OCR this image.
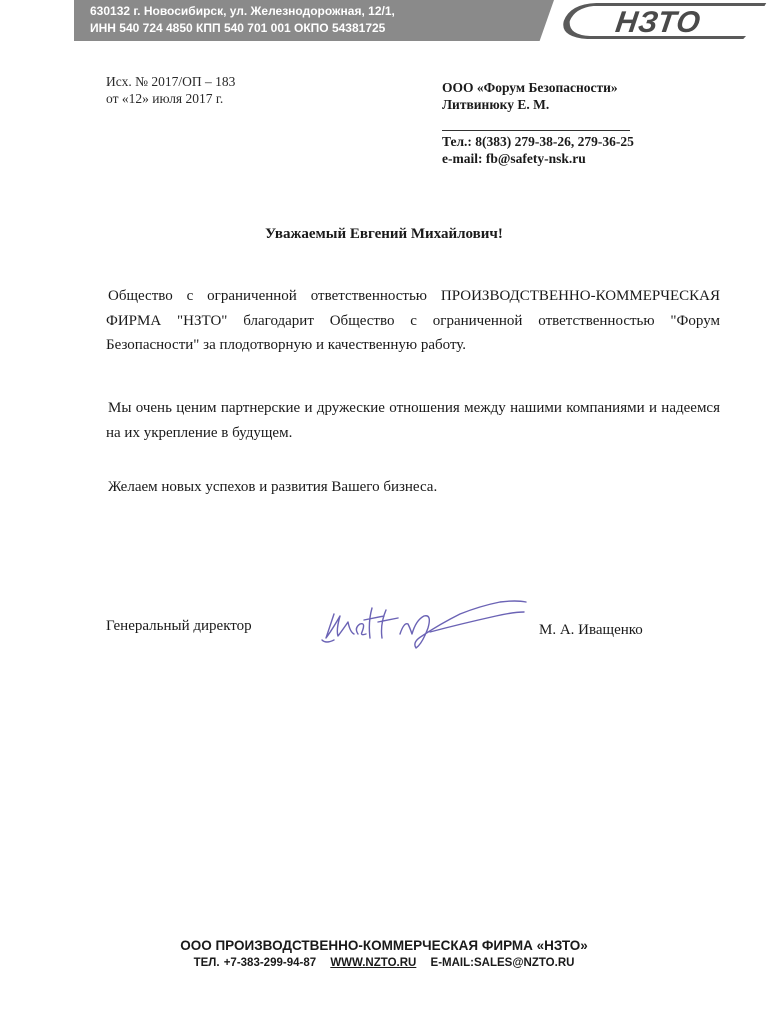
630132 г. Новосибирск, ул. Железнодорожная, 12/1,
ИНН 540 724 4850 КПП 540 701 001 ОКПО 54381725	НЗТО
Исх. № 2017/ОП – 183
от «12» июля 2017 г.
ООО «Форум Безопасности»
Литвинюку Е. М.
Тел.: 8(383) 279-38-26, 279-36-25
e-mail: fb@safety-nsk.ru
Уважаемый Евгений Михайлович!
Общество с ограниченной ответственностью ПРОИЗВОДСТВЕННО-КОММЕРЧЕСКАЯ ФИРМА "НЗТО" благодарит Общество с ограниченной ответственностью "Форум Безопасности" за плодотворную и качественную работу.
Мы очень ценим партнерские и дружеские отношения между нашими компаниями и надеемся на их укрепление в будущем.
Желаем новых успехов и развития Вашего бизнеса.
Генеральный директор	М. А. Иващенко
ООО ПРОИЗВОДСТВЕННО-КОММЕРЧЕСКАЯ ФИРМА «НЗТО»
ТЕЛ. +7-383-299-94-87 WWW.NZTO.RU E-MAIL:SALES@NZTO.RU
